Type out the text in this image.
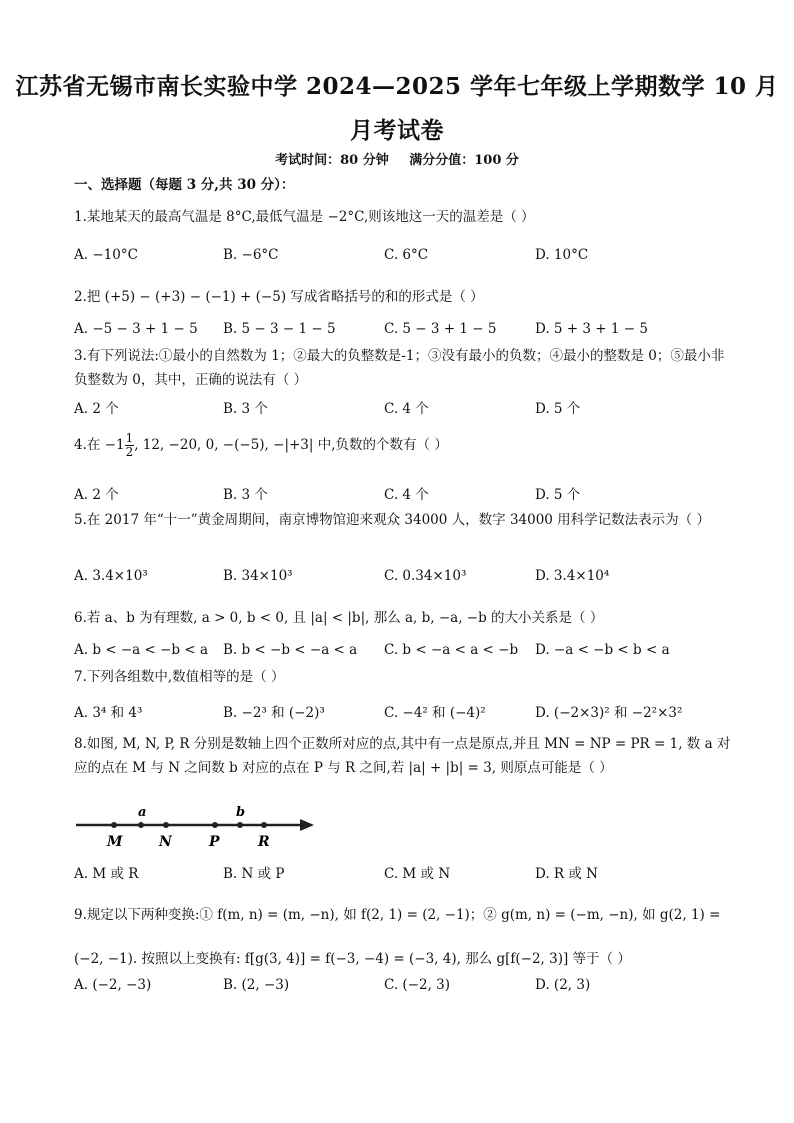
江苏省无锡市南长实验中学 2024—2025 学年七年级上学期数学 10 月
月考试卷
考试时间：80 分钟 满分分值：100 分
一、选择题（每题 3 分,共 30 分）：
1.某地某天的最高气温是 8°C,最低气温是 −2°C,则该地这一天的温差是（ ）
A. −10°C	B. −6°C	C. 6°C	D. 10°C
2.把 (+5) − (+3) − (−1) + (−5) 写成省略括号的和的形式是（ ）
A. −5 − 3 + 1 − 5 B. 5 − 3 − 1 − 5	C. 5 − 3 + 1 − 5	D. 5 + 3 + 1 − 5
3.有下列说法:①最小的自然数为 1；②最大的负整数是-1；③没有最小的负数；④最小的整数是 0；⑤最小非负整数为 0，其中，正确的说法有（ ）
A. 2 个	B. 3 个	C. 4 个	D. 5 个
4.在 $-1 \frac{1}{2}$ , 12, −20, 0, −(−5), −|+3| 中,负数的个数有（ ）
A. 2 个	B. 3 个	C. 4 个	D. 5 个
5.在 2017 年“十一”黄金周期间，南京博物馆迎来观众 34000 人，数字 34000 用科学记数法表示为（ ）
A. 3.4×10³	B. 34×10³	C. 0.34×10³	D. 3.4×10⁴
6.若 a、b 为有理数, a > 0, b < 0, 且 |a| < |b|, 那么 a, b, −a, −b 的大小关系是（ ）
A. b < −a < −b < a B. b < −b < −a < a C. b < −a < a < −b D. −a < −b < b < a
7.下列各组数中,数值相等的是（ ）
A. 3⁴ 和 4³	B. −2³ 和 (−2)³	C. −4² 和 (−4)²	D. (−2×3)² 和 −2²×3²
8.如图, M, N, P, R 分别是数轴上四个正数所对应的点,其中有一点是原点,并且 MN = NP = PR = 1, 数 a 对应的点在 M 与 N 之间数 b 对应的点在 P 与 R 之间,若 |a| + |b| = 3, 则原点可能是（ ）
a	b
M	N	P	R
A. M 或 R	B. N 或 P	C. M 或 N	D. R 或 N
9.规定以下两种变换:① f(m, n) = (m, −n), 如 f(2, 1) = (2, −1)；② g(m, n) = (−m, −n), 如 g(2, 1) = (−2, −1). 按照以上变换有: f[g(3, 4)] = f(−3, −4) = (−3, 4), 那么 g[f(−2, 3)] 等于（ ）
A. (−2, −3)	B. (2, −3)	C. (−2, 3)	D. (2, 3)
